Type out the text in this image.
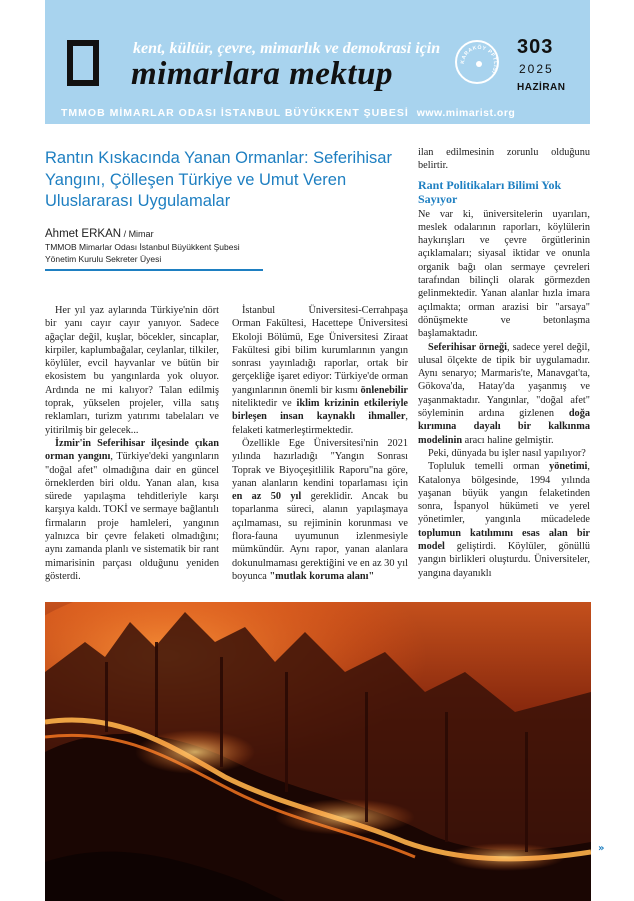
kent, kültür, çevre, mimarlık ve demokrasi için
mimarlara mektup	KARAKÖY PFTLISI
303
2025
HAZİRAN
TMMOB MİMARLAR ODASI İSTANBUL BÜYÜKKENT ŞUBESİ www.mimarist.org
Rantın Kıskacında Yanan Ormanlar: Seferihisar Yangını, Çölleşen Türkiye ve Umut Veren Uluslararası Uygulamalar
Ahmet ERKAN / Mimar
TMMOB Mimarlar Odası İstanbul Büyükkent Şubesi
Yönetim Kurulu Sekreter Üyesi

Her yıl yaz aylarında Türkiye'nin dört bir yanı cayır cayır yanıyor. Sadece ağaçlar değil, kuşlar, böcekler, sincaplar, kirpiler, kaplumbağalar, ceylanlar, tilkiler, köylüler, evcil hayvanlar ve bütün bir ekosistem bu yangınlarda yok oluyor. Ardında ne mi kalıyor? Talan edilmiş toprak, yükselen projeler, villa satış reklamları, turizm yatırımı tabelaları ve yitirilmiş bir gelecek...

İzmir'in Seferihisar ilçesinde çıkan orman yangını, Türkiye'deki yangınların "doğal afet" olmadığına dair en güncel örneklerden biri oldu. Yanan alan, kısa sürede yapılaşma tehditleriyle karşı karşıya kaldı. TOKİ ve sermaye bağlantılı firmaların proje hamleleri, yangının yalnızca bir çevre felaketi olmadığını; aynı zamanda planlı ve sistematik bir rant mimarisinin parçası olduğunu yeniden gösterdi.

İstanbul Üniversitesi-Cerrahpaşa Orman Fakültesi, Hacettepe Üniversitesi Ekoloji Bölümü, Ege Üniversitesi Ziraat Fakültesi gibi bilim kurumlarının yangın sonrası yayınladığı raporlar, ortak bir gerçekliğe işaret ediyor: Türkiye'de orman yangınlarının önemli bir kısmı önlenebilir niteliktedir ve iklim krizinin etkileriyle birleşen insan kaynaklı ihmaller, felaketi katmerleştirmektedir.

Özellikle Ege Üniversitesi'nin 2021 yılında hazırladığı "Yangın Sonrası Toprak ve Biyoçeşitlilik Raporu"na göre, yanan alanların kendini toparlaması için en az 50 yıl gereklidir. Ancak bu toparlanma süreci, alanın yapılaşmaya açılmaması, su rejiminin korunması ve flora-fauna uyumunun izlenmesiyle mümkündür. Aynı rapor, yanan alanlara dokunulmaması gerektiğini ve en az 30 yıl boyunca "mutlak koruma alanı"

ilan edilmesinin zorunlu olduğunu belirtir.

Rant Politikaları Bilimi Yok Sayıyor

Ne var ki, üniversitelerin uyarıları, meslek odalarının raporları, köylülerin haykırışları ve çevre örgütlerinin açıklamaları; siyasal iktidar ve onunla organik bağı olan sermaye çevreleri tarafından bilinçli olarak görmezden gelinmektedir. Yanan alanlar hızla imara açılmakta; orman arazisi bir "arsaya" dönüşmekte ve betonlaşma başlamaktadır.

Seferihisar örneği, sadece yerel değil, ulusal ölçekte de tipik bir uygulamadır. Aynı senaryo; Marmaris'te, Manavgat'ta, Gökova'da, Hatay'da yaşanmış ve yaşanmaktadır. Yangınlar, "doğal afet" söyleminin ardına gizlenen doğa kırımına dayalı bir kalkınma modelinin aracı haline gelmiştir.

Peki, dünyada bu işler nasıl yapılıyor?

Topluluk temelli orman yönetimi, Katalonya bölgesinde, 1994 yılında yaşanan büyük yangın felaketinden sonra, İspanyol hükümeti ve yerel yönetimler, yangınla mücadelede toplumun katılımını esas alan bir model geliştirdi. Köylüler, gönüllü yangın birlikleri oluşturdu. Üniversiteler, yangına dayanıklı

»
